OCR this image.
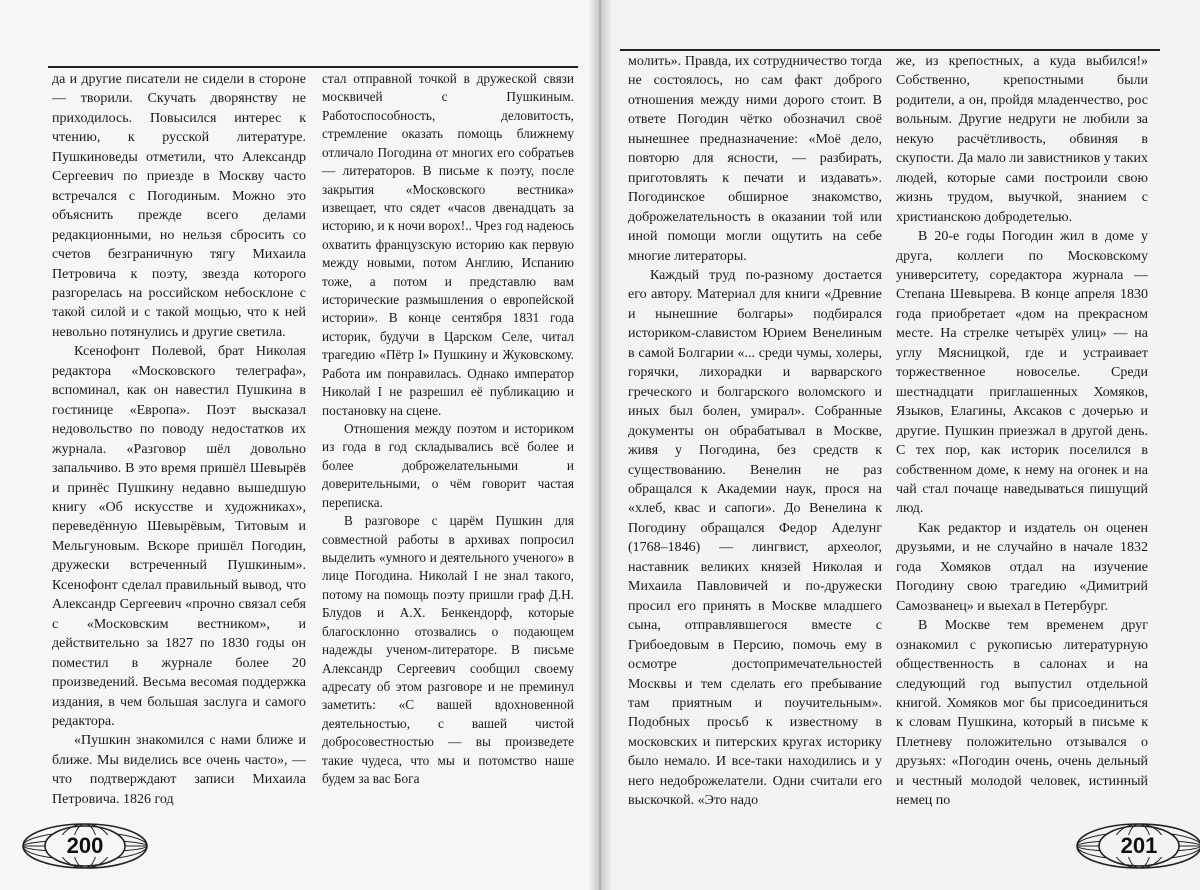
да и другие писатели не сидели в стороне — творили. Скучать дворянству не приходилось. Повысился интерес к чтению, к русской литературе. Пушкиноведы отметили, что Александр Сергеевич по приезде в Москву часто встречался с Погодиным. Можно это объяснить прежде всего делами редакционными, но нельзя сбросить со счетов безграничную тягу Михаила Петровича к поэту, звезда которого разгорелась на российском небосклоне с такой силой и с такой мощью, что к ней невольно потянулись и другие светила.

Ксенофонт Полевой, брат Николая редактора «Московского телеграфа», вспоминал, как он навестил Пушкина в гостинице «Европа». Поэт высказал недовольство по поводу недостатков их журнала. «Разговор шёл довольно запальчиво. В это время пришёл Шевырёв и принёс Пушкину недавно вышедшую книгу «Об искусстве и художниках», переведённую Шевырёвым, Титовым и Мельгуновым. Вскоре пришёл Погодин, дружески встреченный Пушкиным». Ксенофонт сделал правильный вывод, что Александр Сергеевич «прочно связал себя с «Московским вестником», и действительно за 1827 по 1830 годы он поместил в журнале более 20 произведений. Весьма весомая поддержка издания, в чем большая заслуга и самого редактора.

«Пушкин знакомился с нами ближе и ближе. Мы виделись все очень часто», — что подтверждают записи Михаила Петровича. 1826 год

стал отправной точкой в дружеской связи москвичей с Пушкиным. Работоспособность, деловитость, стремление оказать помощь ближнему отличало Погодина от многих его собратьев — литераторов. В письме к поэту, после закрытия «Московского вестника» извещает, что сядет «часов двенадцать за историю, и к ночи ворох!.. Чрез год надеюсь охватить французскую историю как первую между новыми, потом Англию, Испанию тоже, а потом и представлю вам исторические размышления о европейской истории». В конце сентября 1831 года историк, будучи в Царском Селе, читал трагедию «Пётр I» Пушкину и Жуковскому. Работа им понравилась. Однако император Николай I не разрешил её публикацию и постановку на сцене.

Отношения между поэтом и историком из года в год складывались всё более и более доброжелательными и доверительными, о чём говорит частая переписка.

В разговоре с царём Пушкин для совместной работы в архивах попросил выделить «умного и деятельного ученого» в лице Погодина. Николай I не знал такого, потому на помощь поэту пришли граф Д.Н. Блудов и А.Х. Бенкендорф, которые благосклонно отозвались о подающем надежды ученом-литераторе. В письме Александр Сергеевич сообщил своему адресату об этом разговоре и не преминул заметить: «С вашей вдохновенной деятельностью, с вашей чистой добросовестностью — вы произведете такие чудеса, что мы и потомство наше будем за вас Бога

200

молить». Правда, их сотрудничество тогда не состоялось, но сам факт доброго отношения между ними дорого стоит. В ответе Погодин чётко обозначил своё нынешнее предназначение: «Моё дело, повторю для ясности, — разбирать, приготовлять к печати и издавать». Погодинское обширное знакомство, доброжелательность в оказании той или иной помощи могли ощутить на себе многие литераторы.

Каждый труд по-разному достается его автору. Материал для книги «Древние и нынешние болгары» подбирался историком-славистом Юрием Венелиным в самой Болгарии «... среди чумы, холеры, горячки, лихорадки и варварского греческого и болгарского воломского и иных был болен, умирал». Собранные документы он обрабатывал в Москве, живя у Погодина, без средств к существованию. Венелин не раз обращался к Академии наук, прося на «хлеб, квас и сапоги». До Венелина к Погодину обращался Федор Аделунг (1768–1846) — лингвист, археолог, наставник великих князей Николая и Михаила Павловичей и по-дружески просил его принять в Москве младшего сына, отправлявшегося вместе с Грибоедовым в Персию, помочь ему в осмотре достопримечательностей Москвы и тем сделать его пребывание там приятным и поучительным». Подобных просьб к известному в московских и питерских кругах историку было немало. И все-таки находились и у него недоброжелатели. Одни считали его выскочкой. «Это надо

же, из крепостных, а куда выбился!» Собственно, крепостными были родители, а он, пройдя младенчество, рос вольным. Другие недруги не любили за некую расчётливость, обвиняя в скупости. Да мало ли завистников у таких людей, которые сами построили свою жизнь трудом, выучкой, знанием с христианскою добродетелью.

В 20-е годы Погодин жил в доме у друга, коллеги по Московскому университету, соредактора журнала — Степана Шевырева. В конце апреля 1830 года приобретает «дом на прекрасном месте. На стрелке четырёх улиц» — на углу Мясницкой, где и устраивает торжественное новоселье. Среди шестнадцати приглашенных Хомяков, Языков, Елагины, Аксаков с дочерью и другие. Пушкин приезжал в другой день. С тех пор, как историк поселился в собственном доме, к нему на огонек и на чай стал почаще наведываться пишущий люд.

Как редактор и издатель он оценен друзьями, и не случайно в начале 1832 года Хомяков отдал на изучение Погодину свою трагедию «Димитрий Самозванец» и выехал в Петербург.

В Москве тем временем друг ознакомил с рукописью литературную общественность в салонах и на следующий год выпустил отдельной книгой. Хомяков мог бы присоединиться к словам Пушкина, который в письме к Плетневу положительно отзывался о друзьях: «Погодин очень, очень дельный и честный молодой человек, истинный немец по

201
